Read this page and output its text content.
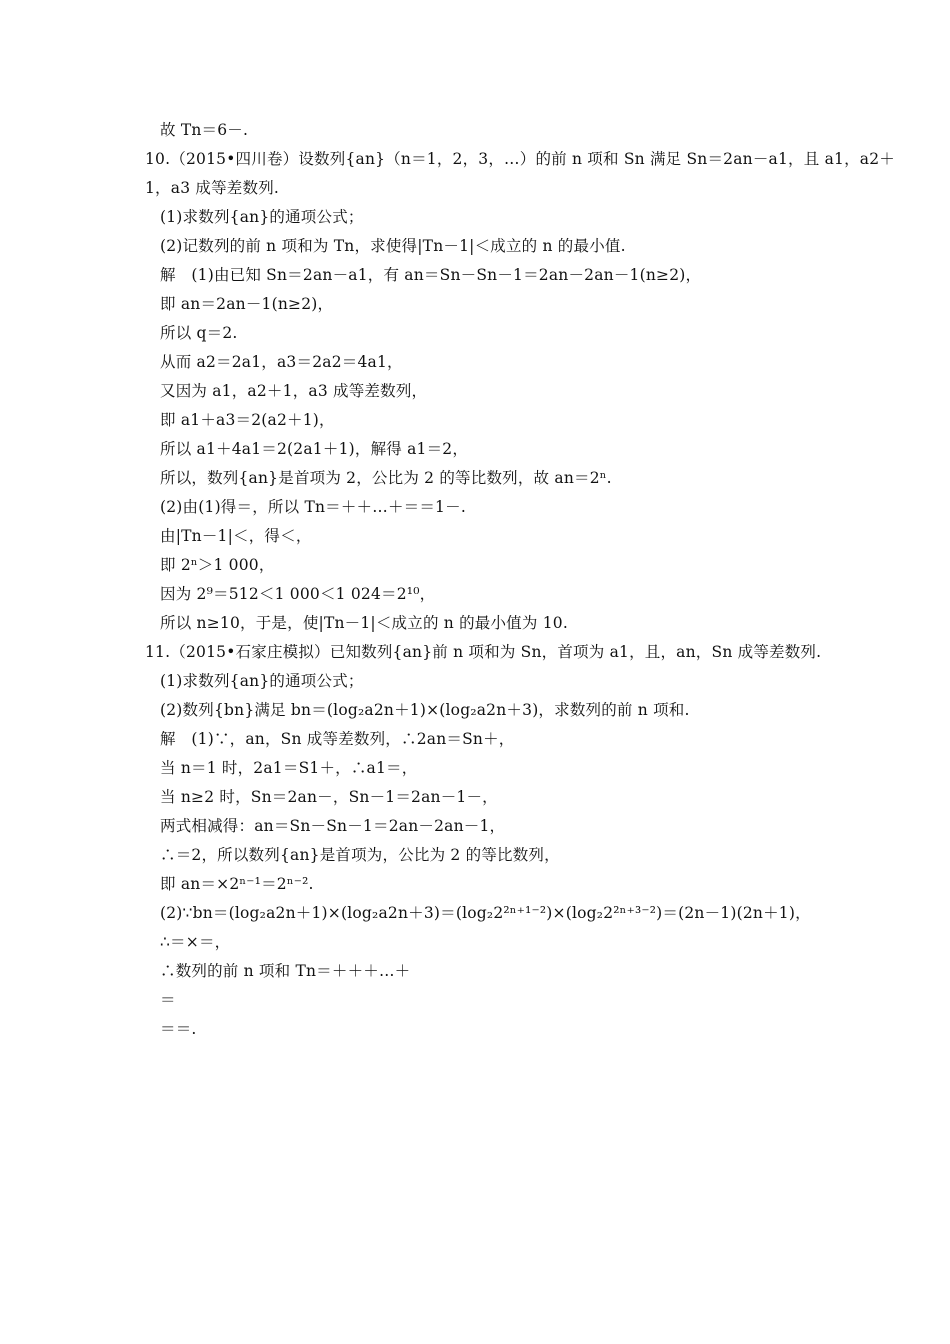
故 Tn＝6－.
10.（2015•四川卷）设数列{an}（n＝1，2，3，…）的前 n 项和 Sn 满足 Sn＝2an－a1，且 a1，a2＋
1，a3 成等差数列.
(1)求数列{an}的通项公式；
(2)记数列的前 n 项和为 Tn，求使得|Tn－1|＜成立的 n 的最小值.
解　(1)由已知 Sn＝2an－a1，有 an＝Sn－Sn－1＝2an－2an－1(n≥2)，
即 an＝2an－1(n≥2)，
所以 q＝2.
从而 a2＝2a1，a3＝2a2＝4a1，
又因为 a1，a2＋1，a3 成等差数列，
即 a1＋a3＝2(a2＋1)，
所以 a1＋4a1＝2(2a1＋1)，解得 a1＝2，
所以，数列{an}是首项为 2，公比为 2 的等比数列，故 an＝2ⁿ.
(2)由(1)得＝，所以 Tn＝＋＋…＋＝＝1－.
由|Tn－1|＜，得＜，
即 2ⁿ＞1 000，
因为 2⁹＝512＜1 000＜1 024＝2¹⁰，
所以 n≥10，于是，使|Tn－1|＜成立的 n 的最小值为 10.
11.（2015•石家庄模拟）已知数列{an}前 n 项和为 Sn，首项为 a1，且，an，Sn 成等差数列.
(1)求数列{an}的通项公式；
(2)数列{bn}满足 bn＝(log₂a2n＋1)×(log₂a2n＋3)，求数列的前 n 项和.
解　(1)∵，an，Sn 成等差数列，∴2an＝Sn＋，
当 n＝1 时，2a1＝S1＋，∴a1＝，
当 n≥2 时，Sn＝2an－，Sn－1＝2an－1－，
两式相减得：an＝Sn－Sn－1＝2an－2an－1，
∴＝2，所以数列{an}是首项为，公比为 2 的等比数列，
即 an＝×2ⁿ⁻¹＝2ⁿ⁻².
(2)∵bn＝(log₂a2n＋1)×(log₂a2n＋3)＝(log₂2²ⁿ⁺¹⁻²)×(log₂2²ⁿ⁺³⁻²)＝(2n－1)(2n＋1)，
∴＝×＝，
∴数列的前 n 项和 Tn＝＋＋＋…＋
＝
＝＝.
